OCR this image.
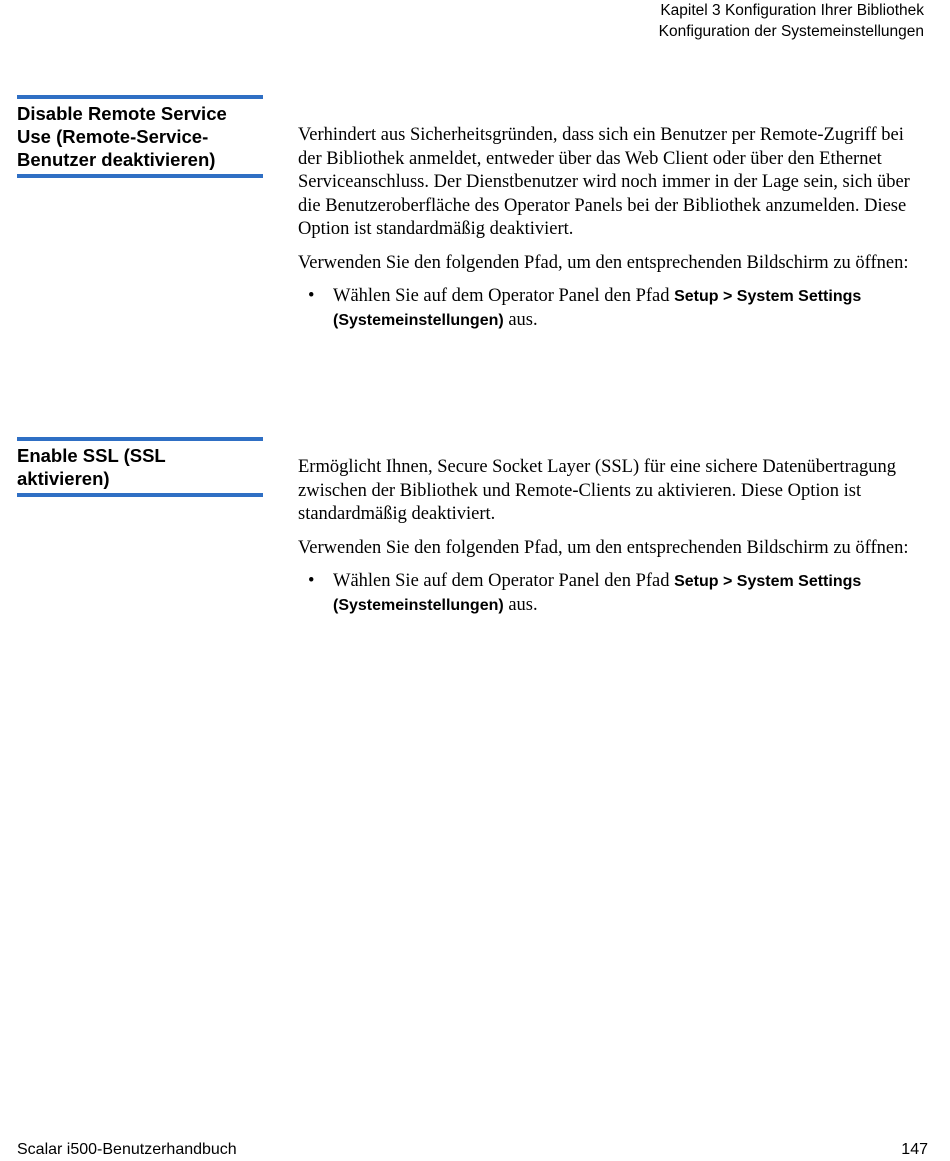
Kapitel 3 Konfiguration Ihrer Bibliothek
Konfiguration der Systemeinstellungen
Disable Remote Service Use (Remote-Service-Benutzer deaktivieren)

Verhindert aus Sicherheitsgründen, dass sich ein Benutzer per Remote-Zugriff bei der Bibliothek anmeldet, entweder über das Web Client oder über den Ethernet Serviceanschluss. Der Dienstbenutzer wird noch immer in der Lage sein, sich über die Benutzeroberfläche des Operator Panels bei der Bibliothek anzumelden. Diese Option ist standardmäßig deaktiviert.

Verwenden Sie den folgenden Pfad, um den entsprechenden Bildschirm zu öffnen:

• Wählen Sie auf dem Operator Panel den Pfad Setup > System Settings (Systemeinstellungen) aus.
Enable SSL (SSL aktivieren)

Ermöglicht Ihnen, Secure Socket Layer (SSL) für eine sichere Datenübertragung zwischen der Bibliothek und Remote-Clients zu aktivieren. Diese Option ist standardmäßig deaktiviert.

Verwenden Sie den folgenden Pfad, um den entsprechenden Bildschirm zu öffnen:

• Wählen Sie auf dem Operator Panel den Pfad Setup > System Settings (Systemeinstellungen) aus.
Scalar i500-Benutzerhandbuch	147
